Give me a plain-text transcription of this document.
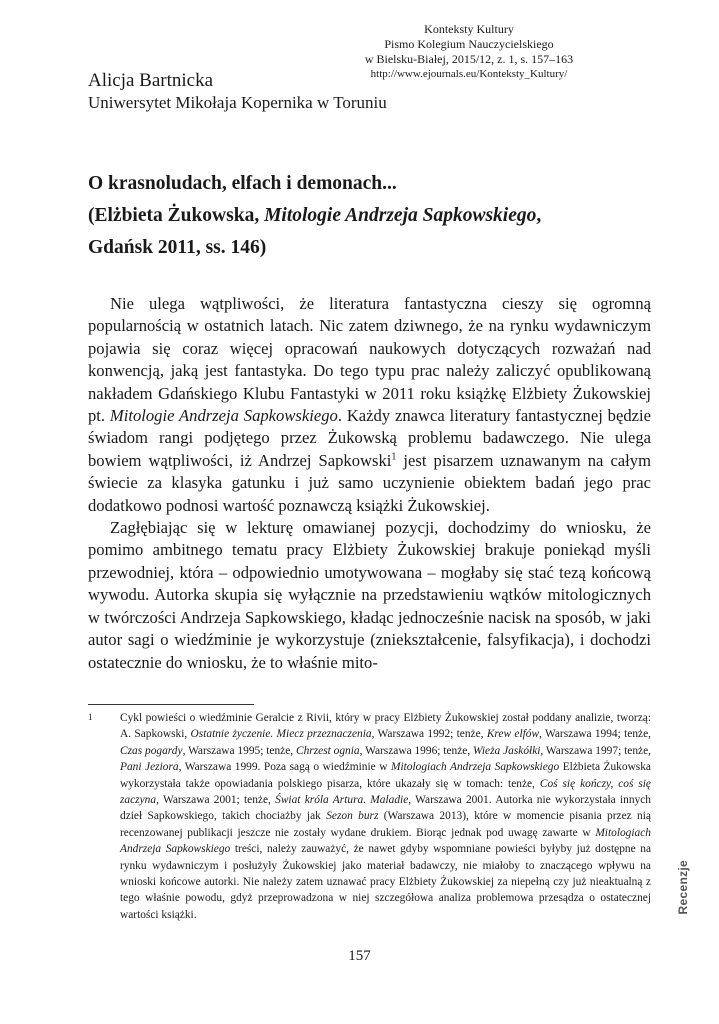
Konteksty Kultury
Pismo Kolegium Nauczycielskiego
w Bielsku-Białej, 2015/12, z. 1, s. 157–163
http://www.ejournals.eu/Konteksty_Kultury/
Alicja Bartnicka
Uniwersytet Mikołaja Kopernika w Toruniu
O krasnoludach, elfach i demonach...
(Elżbieta Żukowska, Mitologie Andrzeja Sapkowskiego,
Gdańsk 2011, ss. 146)

Nie ulega wątpliwości, że literatura fantastyczna cieszy się ogromną popularnością w ostatnich latach. Nic zatem dziwnego, że na rynku wydawniczym pojawia się coraz więcej opracowań naukowych dotyczących rozważań nad konwencją, jaką jest fantastyka. Do tego typu prac należy zaliczyć opublikowaną nakładem Gdańskiego Klubu Fantastyki w 2011 roku książkę Elżbiety Żukowskiej pt. Mitologie Andrzeja Sapkowskiego. Każdy znawca literatury fantastycznej będzie świadom rangi podjętego przez Żukowską problemu badawczego. Nie ulega bowiem wątpliwości, iż Andrzej Sapkowski$^1$ jest pisarzem uznawanym na całym świecie za klasyka gatunku i już samo uczynienie obiektem badań jego prac dodatkowo podnosi wartość poznawczą książki Żukowskiej.

Zagłębiając się w lekturę omawianej pozycji, dochodzimy do wniosku, że pomimo ambitnego tematu pracy Elżbiety Żukowskiej brakuje poniekąd myśli przewodniej, która – odpowiednio umotywowana – mogłaby się stać tezą końcową wywodu. Autorka skupia się wyłącznie na przedstawieniu wątków mitologicznych w twórczości Andrzeja Sapkowskiego, kładąc jednocześnie nacisk na sposób, w jaki autor sagi o wiedźminie je wykorzystuje (zniekształcenie, falsyfikacja), i dochodzi ostatecznie do wniosku, że to właśnie mito-

1	Cykl powieści o wiedźminie Geralcie z Rivii, który w pracy Elżbiety Żukowskiej został poddany analizie, tworzą: A. Sapkowski, Ostatnie życzenie. Miecz przeznaczenia, Warszawa 1992; tenże, Krew elfów, Warszawa 1994; tenże, Czas pogardy, Warszawa 1995; tenże, Chrzest ognia, Warszawa 1996; tenże, Wieża Jaskółki, Warszawa 1997; tenże, Pani Jeziora, Warszawa 1999. Poza sagą o wiedźminie w Mitologiach Andrzeja Sapkowskiego Elżbieta Żukowska wykorzystała także opowiadania polskiego pisarza, które ukazały się w tomach: tenże, Coś się kończy, coś się zaczyna, Warszawa 2001; tenże, Świat króla Artura. Maladie, Warszawa 2001. Autorka nie wykorzystała innych dzieł Sapkowskiego, takich chociażby jak Sezon burz (Warszawa 2013), które w momencie pisania przez nią recenzowanej publikacji jeszcze nie zostały wydane drukiem. Biorąc jednak pod uwagę zawarte w Mitologiach Andrzeja Sapkowskiego treści, należy zauważyć, że nawet gdyby wspomniane powieści byłyby już dostępne na rynku wydawniczym i posłużyły Żukowskiej jako materiał badawczy, nie miałoby to znaczącego wpływu na wnioski końcowe autorki. Nie należy zatem uznawać pracy Elżbiety Żukowskiej za niepełną czy już nieaktualną z tego właśnie powodu, gdyż przeprowadzona w niej szczegółowa analiza problemowa przesądza o ostatecznej wartości książki.
157
Recenzje
